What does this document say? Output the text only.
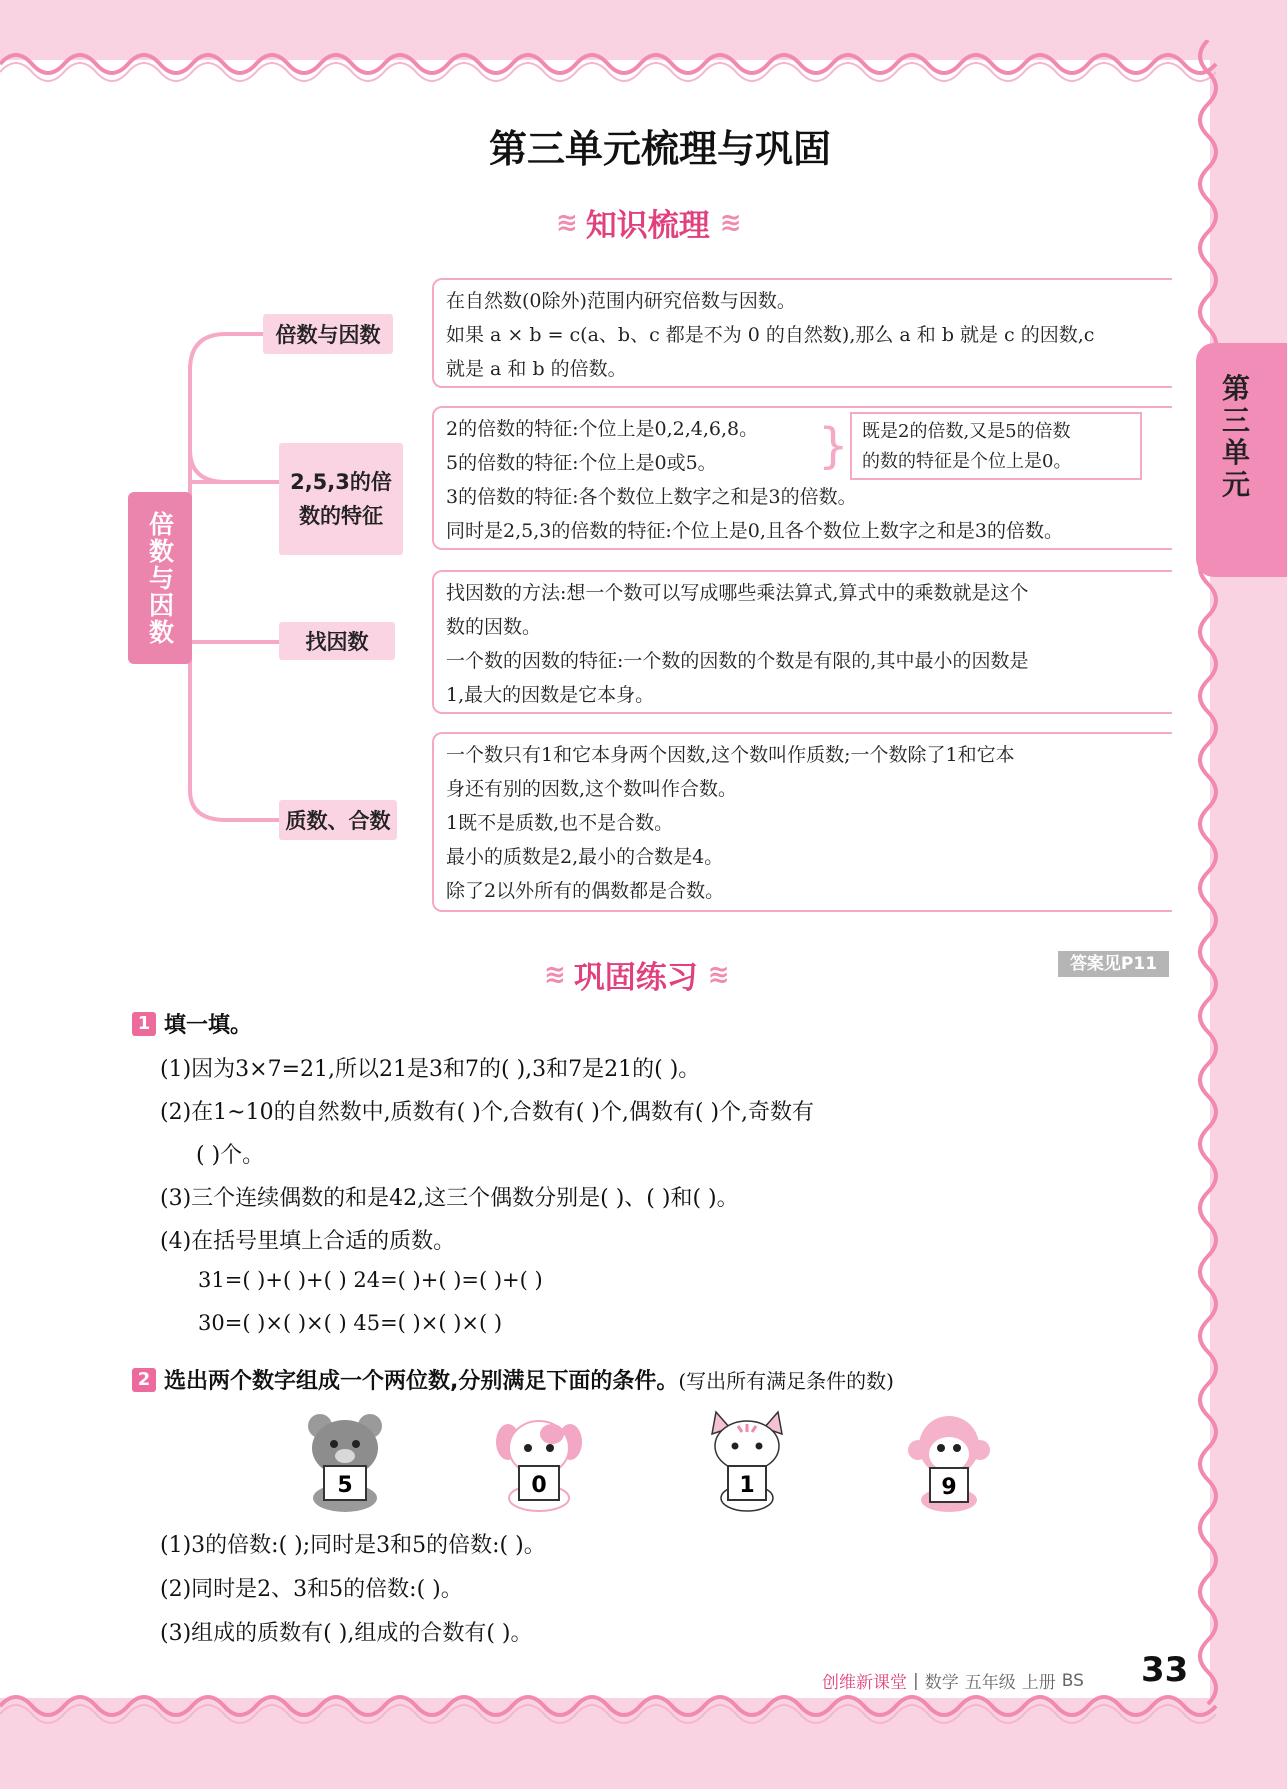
第三单元梳理与巩固
第三单元
≋ 知识梳理 ≋
倍数与因数
倍数与因数
2,5,3的倍数的特征
找因数
质数、合数

在自然数(0除外)范围内研究倍数与因数。

如果 a × b = c(a、b、c 都是不为 0 的自然数),那么 a 和 b 就是 c 的因数,c

就是 a 和 b 的倍数。

2的倍数的特征:个位上是0,2,4,6,8。

5的倍数的特征:个位上是0或5。

3的倍数的特征:各个数位上数字之和是3的倍数。

同时是2,5,3的倍数的特征:个位上是0,且各个数位上数字之和是3的倍数。

} 既是2的倍数,又是5的倍数
的数的特征是个位上是0。

找因数的方法:想一个数可以写成哪些乘法算式,算式中的乘数就是这个

数的因数。

一个数的因数的特征:一个数的因数的个数是有限的,其中最小的因数是

1,最大的因数是它本身。

一个数只有1和它本身两个因数,这个数叫作质数;一个数除了1和它本

身还有别的因数,这个数叫作合数。

1既不是质数,也不是合数。

最小的质数是2,最小的合数是4。

除了2以外所有的偶数都是合数。

≋ 巩固练习 ≋	答案见P11
1 填一填。
(1)因为3×7=21,所以21是3和7的( ),3和7是21的( )。
(2)在1~10的自然数中,质数有( )个,合数有( )个,偶数有( )个,奇数有
( )个。
(3)三个连续偶数的和是42,这三个偶数分别是( )、( )和( )。
(4)在括号里填上合适的质数。
31=( )+( )+( ) 24=( )+( )=( )+( )
30=( )×( )×( ) 45=( )×( )×( )
2 选出两个数字组成一个两位数,分别满足下面的条件。 (写出所有满足条件的数)
5	0	1	9
(1)3的倍数:( );同时是3和5的倍数:( )。
(2)同时是2、3和5的倍数:( )。
(3)组成的质数有( ),组成的合数有( )。
创维新课堂 | 数学 五年级 上册 BS 33
